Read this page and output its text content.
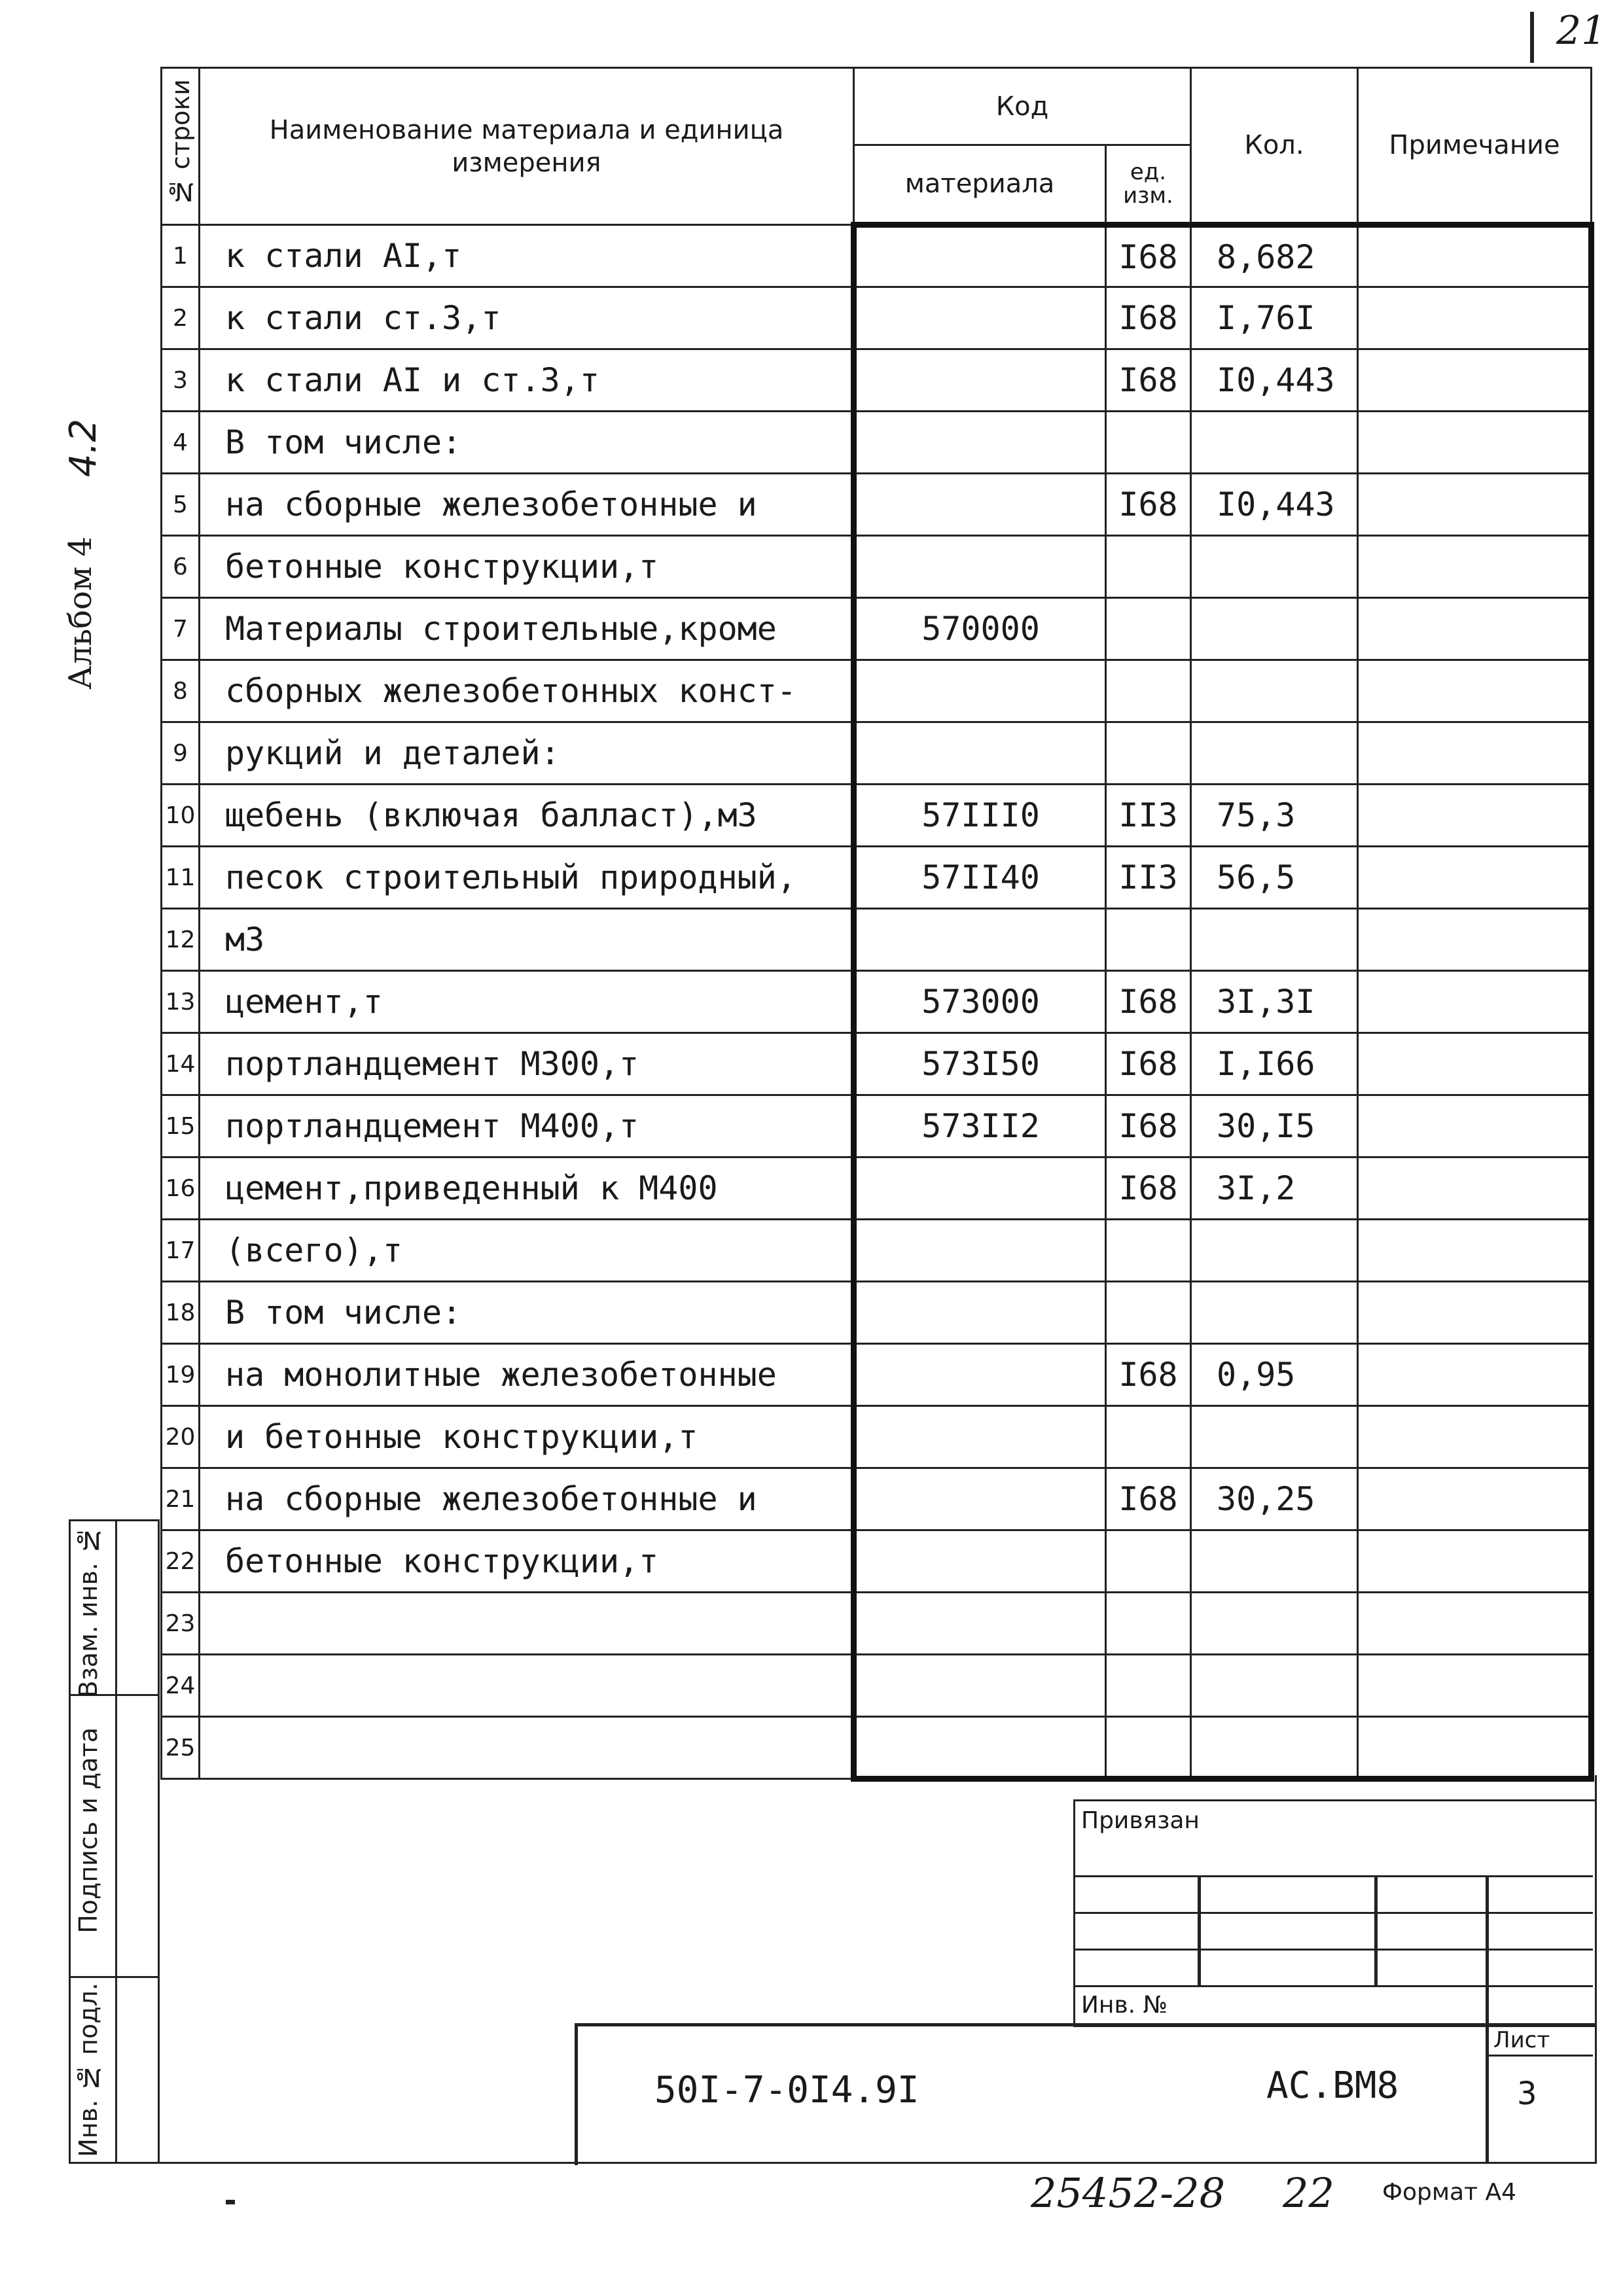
21
Альбом 4
4.2
№ строки	Наименование материала и единица измерения	Код		Кол.	Примечание
		материала	ед. изм.		
1	к стали АI,т		I68	8,682	
2	к стали ст.3,т		I68	I,76I	
3	к стали АI и ст.3,т		I68	I0,443	
4	В том числе:				
5	на сборные железобетонные и		I68	I0,443	
6	бетонные конструкции,т				
7	Материалы строительные,кроме	570000			
8	сборных железобетонных конст-				
9	рукций и деталей:				
10	щебень (включая балласт),м3	57III0	II3	75,3	
11	песок строительный природный,	57II40	II3	56,5	
12	м3				
13	цемент,т	573000	I68	3I,3I	
14	портландцемент М300,т	573I50	I68	I,I66	
15	портландцемент М400,т	573II2	I68	30,I5	
16	цемент,приведенный к М400		I68	3I,2	
17	(всего),т				
18	В том числе:				
19	на монолитные железобетонные		I68	0,95	
20	и бетонные конструкции,т				
21	на сборные железобетонные и		I68	30,25	
22	бетонные конструкции,т				
23					
24					
25					
Взам. инв. №
Подпись и дата
Инв. № подл.
Привязан
Инв. №
Лист
3
50I-7-0I4.9I	АС.ВМ8
25452-28 22 Формат А4
